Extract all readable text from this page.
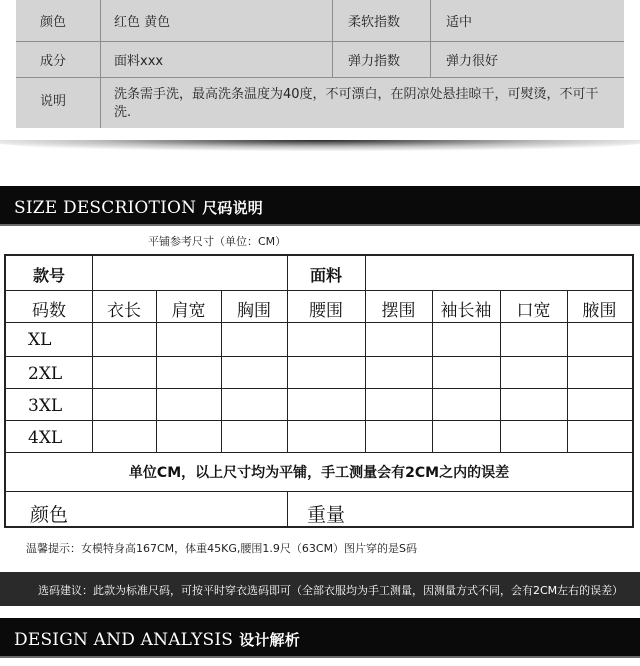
颜色	红色 黄色	柔软指数	适中
成分	面料xxx	弹力指数	弹力很好
说明	洗条需手洗，最高洗条温度为40度，不可漂白，在阴凉处悬挂晾干，可熨烫，不可干洗.
SIZE DESCRIOTION 尺码说明
平铺参考尺寸（单位：CM）
款号	面料
码数	衣长	肩宽	胸围	腰围	摆围	袖长袖	口宽	腋围
XL
2XL
3XL
4XL
单位CM，以上尺寸均为平铺，手工测量会有2CM之内的误差
颜色	重量
温馨提示：女模特身高167CM，体重45KG,腰围1.9尺（63CM）图片穿的是S码
选码建议：此款为标准尺码，可按平时穿衣选码即可（全部衣服均为手工测量，因测量方式不同，会有2CM左右的误差）
DESIGN AND ANALYSIS 设计解析
